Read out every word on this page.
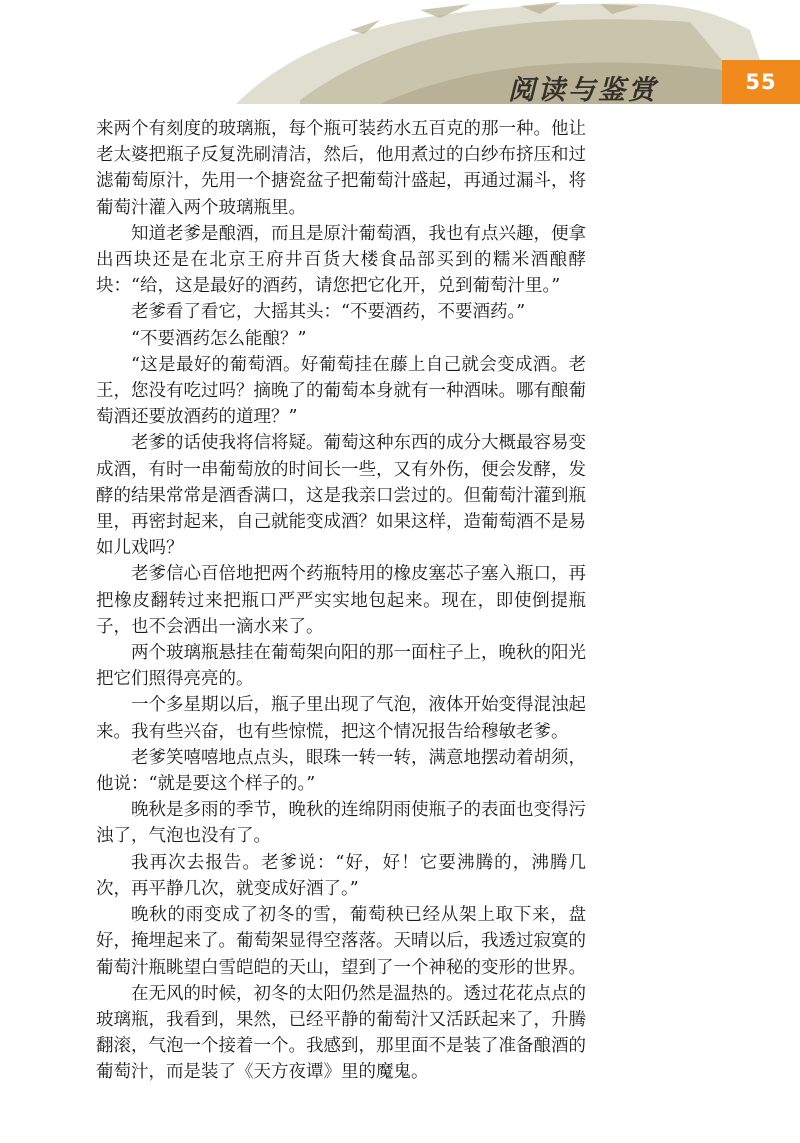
阅读与鉴赏	55

来两个有刻度的玻璃瓶，每个瓶可装药水五百克的那一种。他让老太婆把瓶子反复洗刷清洁，然后，他用煮过的白纱布挤压和过滤葡萄原汁，先用一个搪瓷盆子把葡萄汁盛起，再通过漏斗，将葡萄汁灌入两个玻璃瓶里。

知道老爹是酿酒，而且是原汁葡萄酒，我也有点兴趣，便拿出西块还是在北京王府井百货大楼食品部买到的糯米酒酿酵块：“给，这是最好的酒药，请您把它化开，兑到葡萄汁里。”

老爹看了看它，大摇其头：“不要酒药，不要酒药。”

“不要酒药怎么能酿？”

“这是最好的葡萄酒。好葡萄挂在藤上自己就会变成酒。老王，您没有吃过吗？摘晚了的葡萄本身就有一种酒味。哪有酿葡萄酒还要放酒药的道理？”

老爹的话使我将信将疑。葡萄这种东西的成分大概最容易变成酒，有时一串葡萄放的时间长一些，又有外伤，便会发酵，发酵的结果常常是酒香满口，这是我亲口尝过的。但葡萄汁灌到瓶里，再密封起来，自己就能变成酒？如果这样，造葡萄酒不是易如儿戏吗？

老爹信心百倍地把两个药瓶特用的橡皮塞芯子塞入瓶口，再把橡皮翻转过来把瓶口严严实实地包起来。现在，即使倒提瓶子，也不会洒出一滴水来了。

两个玻璃瓶悬挂在葡萄架向阳的那一面柱子上，晚秋的阳光把它们照得亮亮的。

一个多星期以后，瓶子里出现了气泡，液体开始变得混浊起来。我有些兴奋，也有些惊慌，把这个情况报告给穆敏老爹。

老爹笑嘻嘻地点点头，眼珠一转一转，满意地摆动着胡须，他说：“就是要这个样子的。”

晚秋是多雨的季节，晚秋的连绵阴雨使瓶子的表面也变得污浊了，气泡也没有了。

我再次去报告。老爹说：“好，好！它要沸腾的，沸腾几次，再平静几次，就变成好酒了。”

晚秋的雨变成了初冬的雪，葡萄秧已经从架上取下来，盘好，掩埋起来了。葡萄架显得空落落。天晴以后，我透过寂寞的葡萄汁瓶眺望白雪皑皑的天山，望到了一个神秘的变形的世界。

在无风的时候，初冬的太阳仍然是温热的。透过花花点点的玻璃瓶，我看到，果然，已经平静的葡萄汁又活跃起来了，升腾翻滚，气泡一个接着一个。我感到，那里面不是装了准备酿酒的葡萄汁，而是装了《天方夜谭》里的魔鬼。
